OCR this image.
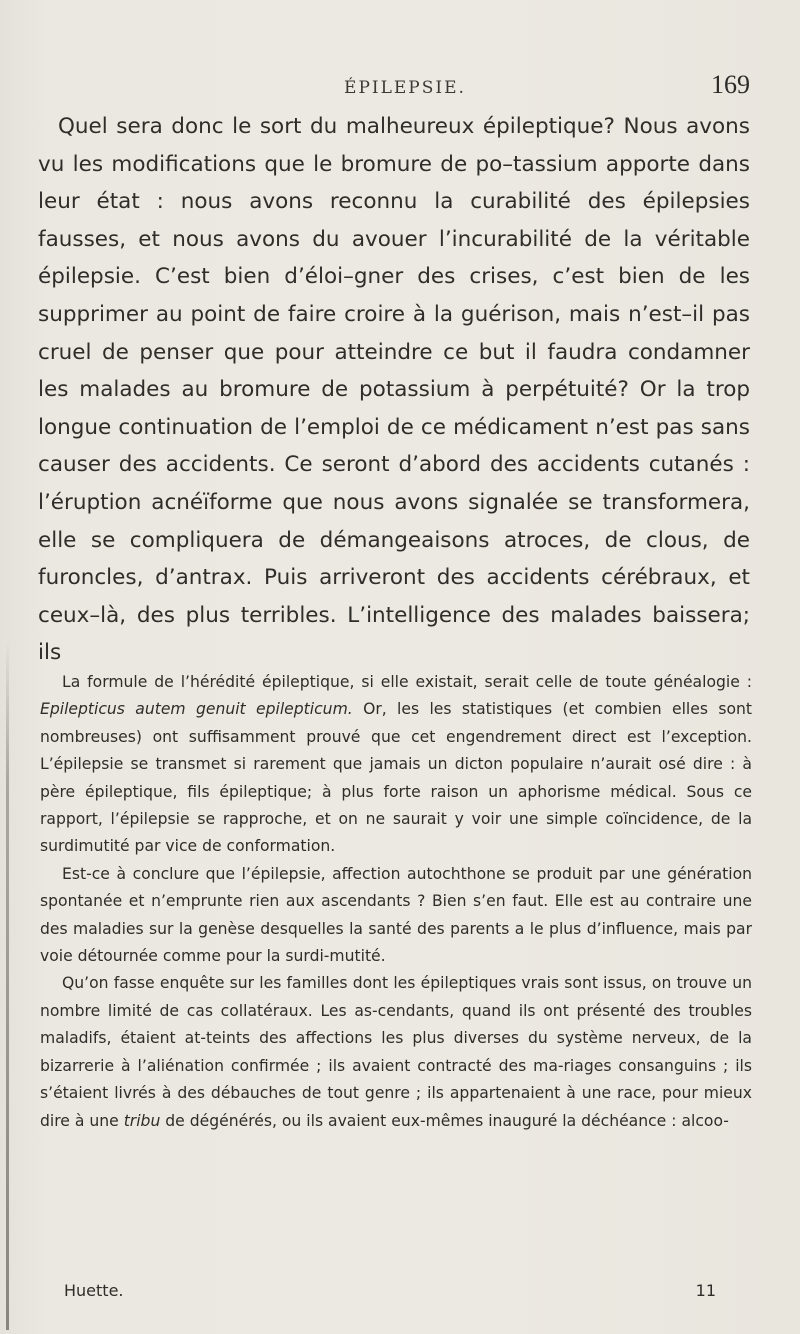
ÉPILEPSIE.	169

Quel sera donc le sort du malheureux épileptique? Nous avons vu les modifications que le bromure de po–tassium apporte dans leur état : nous avons reconnu la curabilité des épilepsies fausses, et nous avons du avouer l’incurabilité de la véritable épilepsie. C’est bien d’éloi–gner des crises, c’est bien de les supprimer au point de faire croire à la guérison, mais n’est–il pas cruel de penser que pour atteindre ce but il faudra condamner les malades au bromure de potassium à perpétuité? Or la trop longue continuation de l’emploi de ce médicament n’est pas sans causer des accidents. Ce seront d’abord des accidents cutanés : l’éruption acnéïforme que nous avons signalée se transformera, elle se compliquera de démangeaisons atroces, de clous, de furoncles, d’antrax. Puis arriveront des accidents cérébraux, et ceux–là, des plus terribles. L’intelligence des malades baissera; ils

La formule de l’hérédité épileptique, si elle existait, serait celle de toute généalogie : Epilepticus autem genuit epilepticum. Or, les les statistiques (et combien elles sont nombreuses) ont suffisamment prouvé que cet engendrement direct est l’exception. L’épilepsie se transmet si rarement que jamais un dicton populaire n’aurait osé dire : à père épileptique, fils épileptique; à plus forte raison un aphorisme médical. Sous ce rapport, l’épilepsie se rapproche, et on ne saurait y voir une simple coïncidence, de la surdimutité par vice de conformation.

Est-ce à conclure que l’épilepsie, affection autochthone se produit par une génération spontanée et n’emprunte rien aux ascendants ? Bien s’en faut. Elle est au contraire une des maladies sur la genèse desquelles la santé des parents a le plus d’influence, mais par voie détournée comme pour la surdi-mutité.

Qu’on fasse enquête sur les familles dont les épileptiques vrais sont issus, on trouve un nombre limité de cas collatéraux. Les as-cendants, quand ils ont présenté des troubles maladifs, étaient at-teints des affections les plus diverses du système nerveux, de la bizarrerie à l’aliénation confirmée ; ils avaient contracté des ma-riages consanguins ; ils s’étaient livrés à des débauches de tout genre ; ils appartenaient à une race, pour mieux dire à une tribu de dégénérés, ou ils avaient eux-mêmes inauguré la déchéance : alcoo-

Huette.	11
